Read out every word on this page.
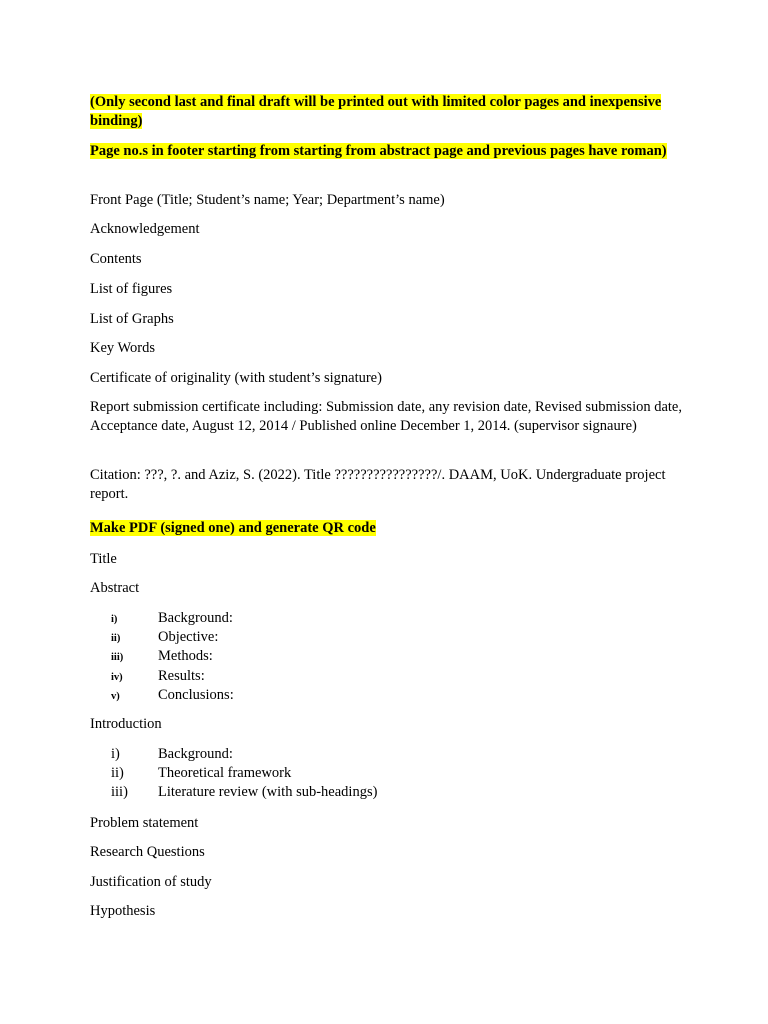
(Only second last and final draft will be printed out with limited color pages and inexpensive binding)

Page no.s in footer starting from starting from abstract page and previous pages have roman)

Front Page (Title; Student’s name; Year; Department’s name)

Acknowledgement

Contents

List of figures

List of Graphs

Key Words

Certificate of originality (with student’s signature)

Report submission certificate including: Submission date, any revision date, Revised submission date, Acceptance date, August 12, 2014 / Published online December 1, 2014. (supervisor signaure)

Citation: ???, ?. and Aziz, S. (2022). Title ????????????????/. DAAM, UoK. Undergraduate project report.

Make PDF (signed one) and generate QR code

Title

Abstract

i)	Background:
ii)	Objective:
iii) Methods:
iv) Results:
v)	Conclusions:

Introduction

i)	Background:
ii) Theoretical framework
iii) Literature review (with sub-headings)

Problem statement

Research Questions

Justification of study

Hypothesis
